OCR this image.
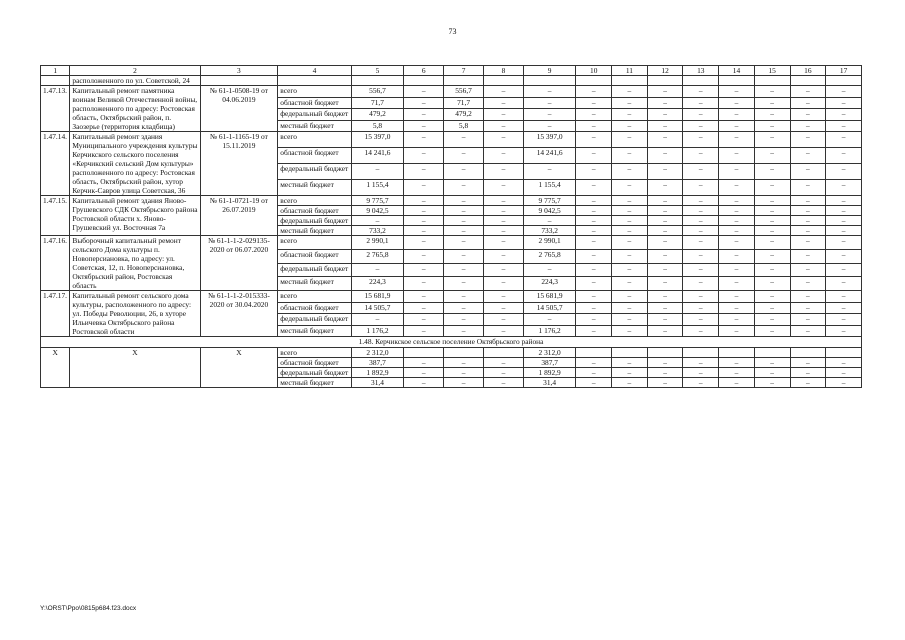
73
1	2	3	4	5	6	7	8	9	10	11	12	13	14	15	16	17
	расположенного по ул. Советской, 24															
1.47.13.	Капитальный ремонт памятника воинам Великой Отечественной войны, расположенного по адресу: Ростовская область, Октябрьский район, п. Заозерье (территория кладбища)	№ 61-1-0508-19 от 04.06.2019	всего	556,7	–	556,7	–	–	–	–	–	–	–	–	–	–
			областной бюджет	71,7	–	71,7	–	–	–	–	–	–	–	–	–	–
			федеральный бюджет	479,2	–	479,2	–	–	–	–	–	–	–	–	–	–
			местный бюджет	5,8	–	5,8	–	–	–	–	–	–	–	–	–	–
1.47.14.	Капитальный ремонт здания Муниципального учреждения культуры Керчикского сельского поселения «Керчикский сельский Дом культуры» расположенного по адресу: Ростовская область, Октябрьский район, хутор Керчик-Савров улица Советская, 36	№ 61-1-1165-19 от 15.11.2019	всего	15 397,0	–	–	–	15 397,0	–	–	–	–	–	–	–	–
			областной бюджет	14 241,6	–	–	–	14 241,6	–	–	–	–	–	–	–	–
			федеральный бюджет	–	–	–	–	–	–	–	–	–	–	–	–	–
			местный бюджет	1 155,4	–	–	–	1 155,4	–	–	–	–	–	–	–	–
1.47.15.	Капитальный ремонт здания Яново-Грушевского СДК Октябрьского района Ростовской области х. Яново-Грушевский ул. Восточная 7а	№ 61-1-0721-19 от 26.07.2019	всего	9 775,7	–	–	–	9 775,7	–	–	–	–	–	–	–	–
			областной бюджет	9 042,5	–	–	–	9 042,5	–	–	–	–	–	–	–	–
			федеральный бюджет	–	–	–	–	–	–	–	–	–	–	–	–	–
			местный бюджет	733,2	–	–	–	733,2	–	–	–	–	–	–	–	–
1.47.16.	Выборочный капитальный ремонт сельского Дома культуры п. Новоперсиановка, по адресу: ул. Советская, 12, п. Новоперсиановка, Октябрьский район, Ростовская область	№ 61-1-1-2-029135-2020 от 06.07.2020	всего	2 990,1	–	–	–	2 990,1	–	–	–	–	–	–	–	–
			областной бюджет	2 765,8	–	–	–	2 765,8	–	–	–	–	–	–	–	–
			федеральный бюджет	–	–	–	–	–	–	–	–	–	–	–	–	–
			местный бюджет	224,3	–	–	–	224,3	–	–	–	–	–	–	–	–
1.47.17.	Капитальный ремонт сельского дома культуры, расположенного по адресу: ул. Победы Революции, 26, в хуторе Ильичевка Октябрьского района Ростовской области	№ 61-1-1-2-015333-2020 от 30.04.2020	всего	15 681,9	–	–	–	15 681,9	–	–	–	–	–	–	–	–
			областной бюджет	14 505,7	–	–	–	14 505,7	–	–	–	–	–	–	–	–
			федеральный бюджет	–	–	–	–	–	–	–	–	–	–	–	–	–
			местный бюджет	1 176,2	–	–	–	1 176,2	–	–	–	–	–	–	–	–
1.48. Керчикское сельское поселение Октябрьского района																
Х	Х	Х	всего	2 312,0				2 312,0								
			областной бюджет	387,7	–	–	–	387,7	–	–	–	–	–	–	–	–
			федеральный бюджет	1 892,9	–	–	–	1 892,9	–	–	–	–	–	–	–	–
			местный бюджет	31,4	–	–	–	31,4	–	–	–	–	–	–	–	–
Y:\ORST\Ppo\0815p684.f23.docx
